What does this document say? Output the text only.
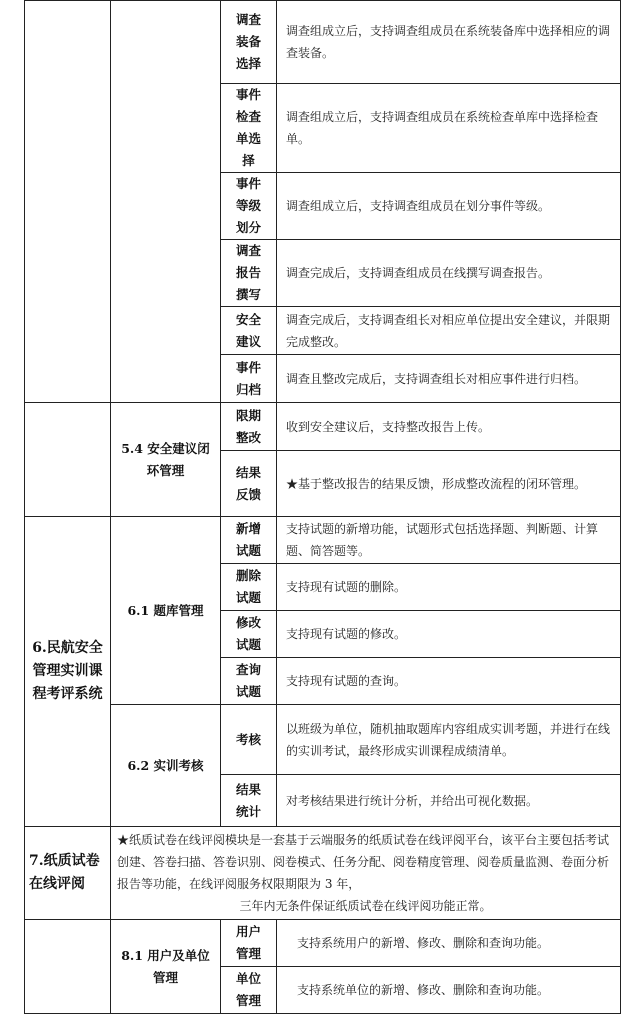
		调查装备选择	调查组成立后，支持调查组成员在系统装备库中选择相应的调查装备。
		事件检查单选择	调查组成立后，支持调查组成员在系统检查单库中选择检查单。
		事件等级划分	调查组成立后，支持调查组成员在划分事件等级。
		调查报告撰写	调查完成后，支持调查组成员在线撰写调查报告。
		安全建议	调查完成后，支持调查组长对相应单位提出安全建议，并限期完成整改。
		事件归档	调查且整改完成后，支持调查组长对相应事件进行归档。
	5.4 安全建议闭环管理	限期整改	收到安全建议后，支持整改报告上传。
		结果反馈	★基于整改报告的结果反馈，形成整改流程的闭环管理。
6.民航安全管理实训课程考评系统	6.1 题库管理	新增试题	支持试题的新增功能，试题形式包括选择题、判断题、计算题、简答题等。
		删除试题	支持现有试题的删除。
		修改试题	支持现有试题的修改。
		查询试题	支持现有试题的查询。
	6.2 实训考核	考核	以班级为单位，随机抽取题库内容组成实训考题，并进行在线的实训考试，最终形成实训课程成绩清单。
		结果统计	对考核结果进行统计分析，并给出可视化数据。
7.纸质试卷在线评阅	★纸质试卷在线评阅模块是一套基于云端服务的纸质试卷在线评阅平台，该平台主要包括考试创建、答卷扫描、答卷识别、阅卷模式、任务分配、阅卷精度管理、阅卷质量监测、卷面分析报告等功能，在线评阅服务权限期限为 3 年，
三年内无条件保证纸质试卷在线评阅功能正常。		

	8.1 用户及单位管理	用户管理	支持系统用户的新增、修改、删除和查询功能。
		单位管理	支持系统单位的新增、修改、删除和查询功能。
